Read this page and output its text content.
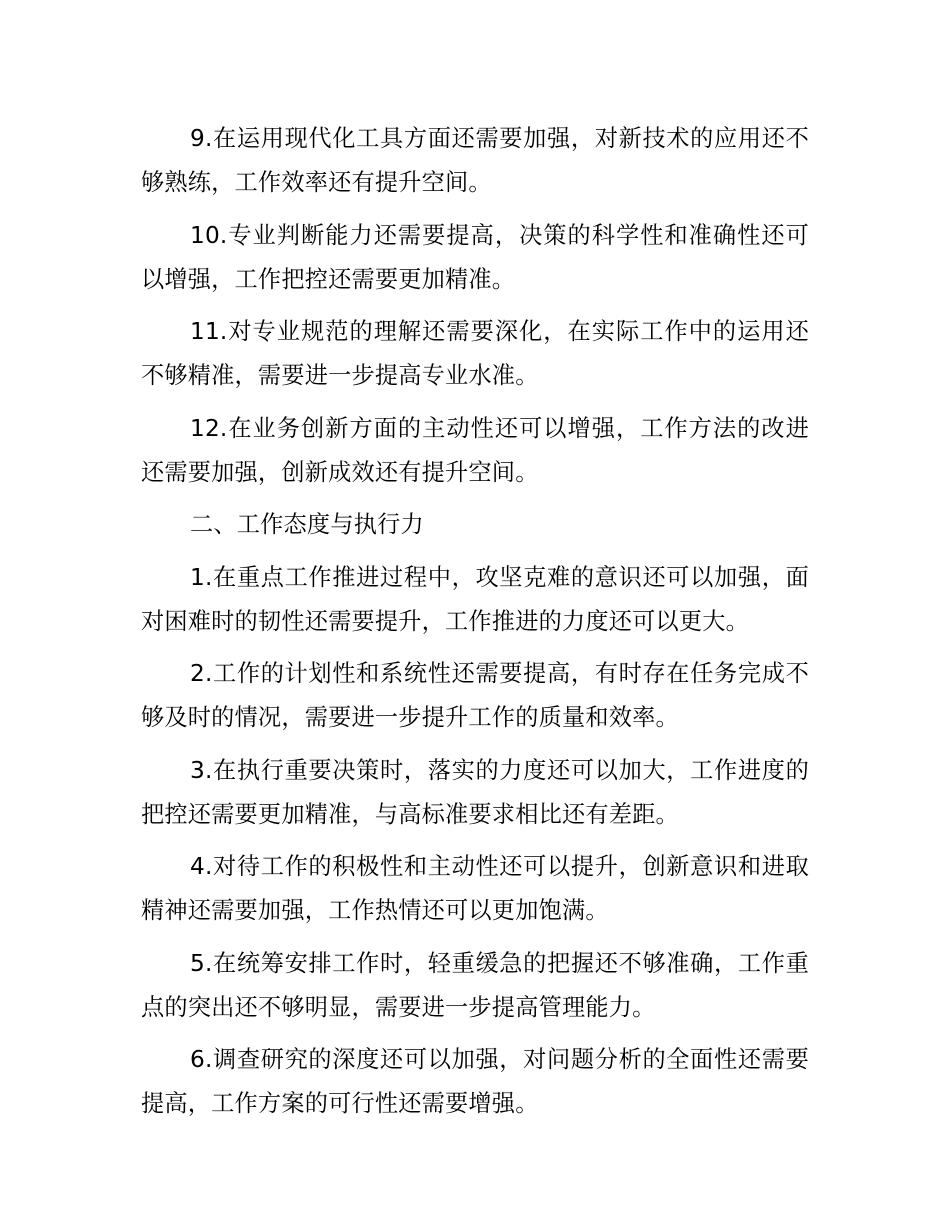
9.在运用现代化工具方面还需要加强，对新技术的应用还不够熟练，工作效率还有提升空间。

10.专业判断能力还需要提高，决策的科学性和准确性还可以增强，工作把控还需要更加精准。

11.对专业规范的理解还需要深化，在实际工作中的运用还不够精准，需要进一步提高专业水准。

12.在业务创新方面的主动性还可以增强，工作方法的改进还需要加强，创新成效还有提升空间。

二、工作态度与执行力

1.在重点工作推进过程中，攻坚克难的意识还可以加强，面对困难时的韧性还需要提升，工作推进的力度还可以更大。

2.工作的计划性和系统性还需要提高，有时存在任务完成不够及时的情况，需要进一步提升工作的质量和效率。

3.在执行重要决策时，落实的力度还可以加大，工作进度的把控还需要更加精准，与高标准要求相比还有差距。

4.对待工作的积极性和主动性还可以提升，创新意识和进取精神还需要加强，工作热情还可以更加饱满。

5.在统筹安排工作时，轻重缓急的把握还不够准确，工作重点的突出还不够明显，需要进一步提高管理能力。

6.调查研究的深度还可以加强，对问题分析的全面性还需要提高，工作方案的可行性还需要增强。
